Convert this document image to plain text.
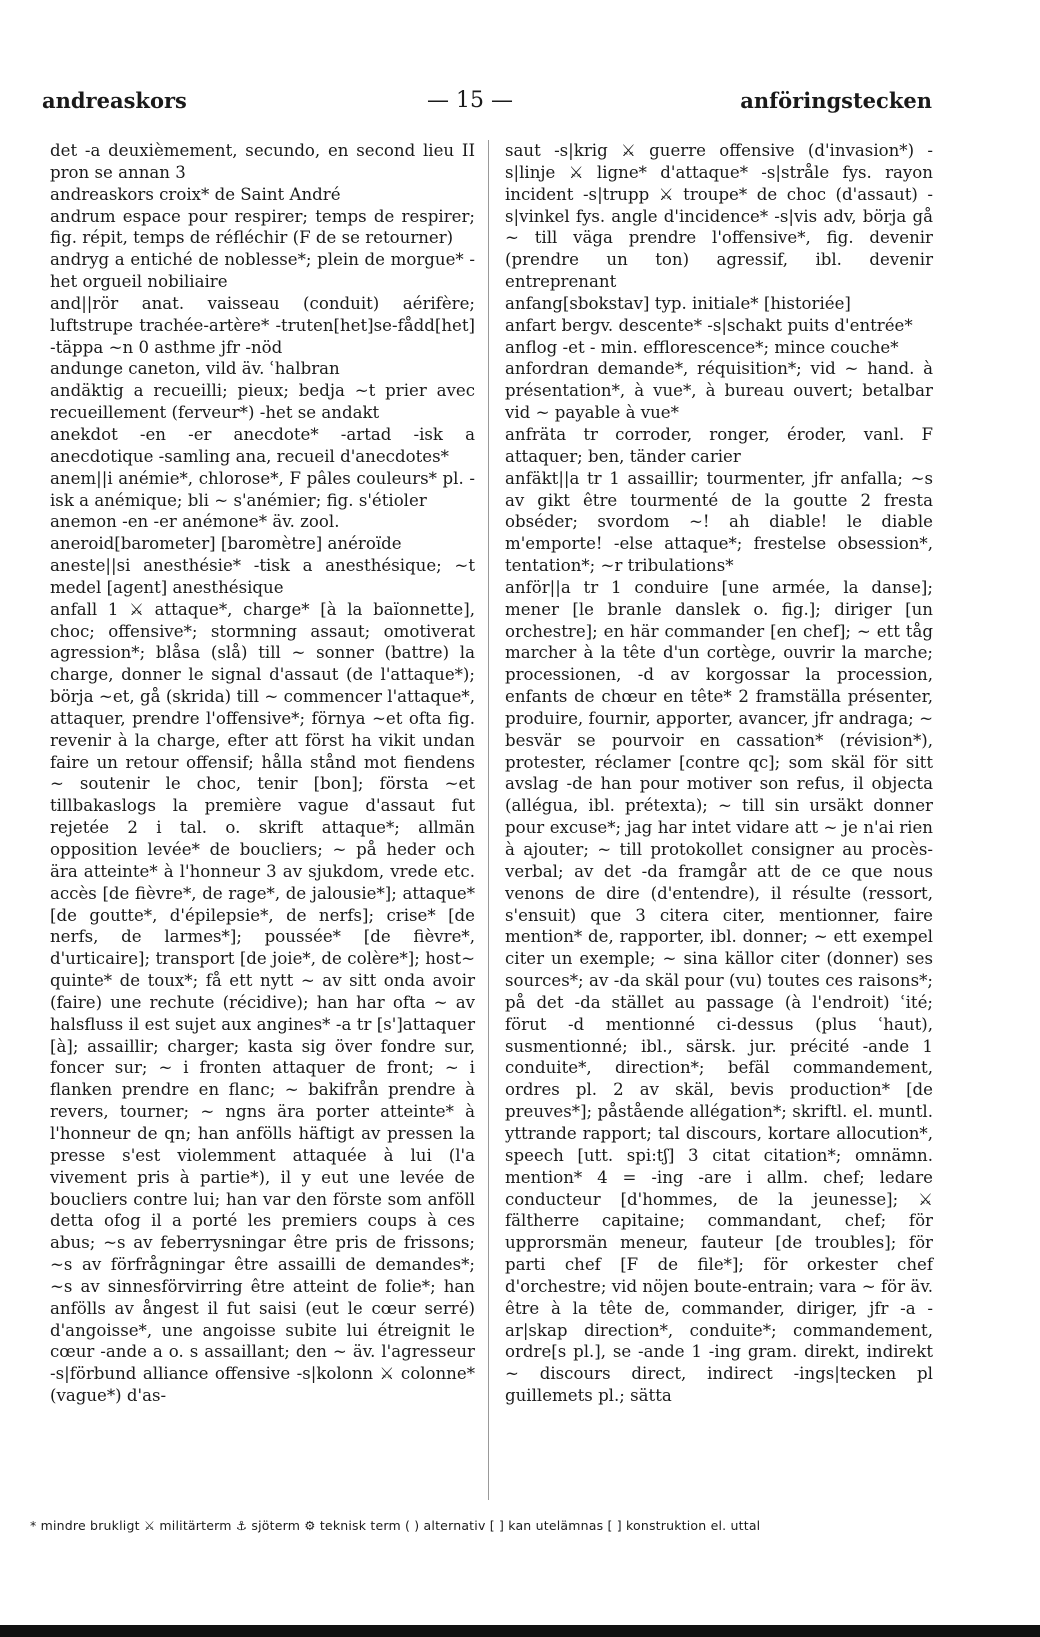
andreaskors	— 15 —	anföringstecken

det -a deuxièmement, secundo, en second lieu II pron se annan 3

andreaskors croix* de Saint André

andrum espace pour respirer; temps de respirer; fig. répit, temps de réfléchir (F de se retourner)

andryg a entiché de noblesse*; plein de morgue* -het orgueil nobiliaire

and||rör anat. vaisseau (conduit) aérifère; luftstrupe trachée-artère* -truten[het]se-fådd[het] -täppa ~n 0 asthme jfr -nöd

andunge caneton, vild äv. ʿhalbran

andäktig a recueilli; pieux; bedja ~t prier avec recueillement (ferveur*) -het se andakt

anekdot -en -er anecdote* -artad -isk a anecdotique -samling ana, recueil d'anecdotes*

anem||i anémie*, chlorose*, F pâles couleurs* pl. -isk a anémique; bli ~ s'anémier; fig. s'étioler

anemon -en -er anémone* äv. zool.

aneroid[barometer] [baromètre] anéroïde

aneste||si anesthésie* -tisk a anesthésique; ~t medel [agent] anesthésique

anfall 1 ⚔ attaque*, charge* [à la baïonnette], choc; offensive*; stormning assaut; omotiverat agression*; blåsa (slå) till ~ sonner (battre) la charge, donner le signal d'assaut (de l'attaque*); börja ~et, gå (skrida) till ~ commencer l'attaque*, attaquer, prendre l'offensive*; förnya ~et ofta fig. revenir à la charge, efter att först ha vikit undan faire un retour offensif; hålla stånd mot fiendens ~ soutenir le choc, tenir [bon]; första ~et tillbakaslogs la première vague d'assaut fut rejetée 2 i tal. o. skrift attaque*; allmän opposition levée* de boucliers; ~ på heder och ära atteinte* à l'honneur 3 av sjukdom, vrede etc. accès [de fièvre*, de rage*, de jalousie*]; attaque* [de goutte*, d'épilepsie*, de nerfs]; crise* [de nerfs, de larmes*]; poussée* [de fièvre*, d'urticaire]; transport [de joie*, de colère*]; host~ quinte* de toux*; få ett nytt ~ av sitt onda avoir (faire) une rechute (récidive); han har ofta ~ av halsfluss il est sujet aux angines* -a tr [s']attaquer [à]; assaillir; charger; kasta sig över fondre sur, foncer sur; ~ i fronten attaquer de front; ~ i flanken prendre en flanc; ~ bakifrån prendre à revers, tourner; ~ ngns ära porter atteinte* à l'honneur de qn; han anfölls häftigt av pressen la presse s'est violemment attaquée à lui (l'a vivement pris à partie*), il y eut une levée de boucliers contre lui; han var den förste som anföll detta ofog il a porté les premiers coups à ces abus; ~s av feberrysningar être pris de frissons; ~s av förfrågningar être assailli de demandes*; ~s av sinnesförvirring être atteint de folie*; han anfölls av ångest il fut saisi (eut le cœur serré) d'angoisse*, une angoisse subite lui étreignit le cœur -ande a o. s assaillant; den ~ äv. l'agresseur -s|förbund alliance offensive -s|kolonn ⚔ colonne* (vague*) d'as-

saut -s|krig ⚔ guerre offensive (d'invasion*) -s|linje ⚔ ligne* d'attaque* -s|stråle fys. rayon incident -s|trupp ⚔ troupe* de choc (d'assaut) -s|vinkel fys. angle d'incidence* -s|vis adv, börja gå ~ till väga prendre l'offensive*, fig. devenir (prendre un ton) agressif, ibl. devenir entreprenant

anfang[sbokstav] typ. initiale* [historiée]

anfart bergv. descente* -s|schakt puits d'entrée*

anflog -et - min. efflorescence*; mince couche*

anfordran demande*, réquisition*; vid ~ hand. à présentation*, à vue*, à bureau ouvert; betalbar vid ~ payable à vue*

anfräta tr corroder, ronger, éroder, vanl. F attaquer; ben, tänder carier

anfäkt||a tr 1 assaillir; tourmenter, jfr anfalla; ~s av gikt être tourmenté de la goutte 2 fresta obséder; svordom ~! ah diable! le diable m'emporte! -else attaque*; frestelse obsession*, tentation*; ~r tribulations*

anför||a tr 1 conduire [une armée, la danse]; mener [le branle danslek o. fig.]; diriger [un orchestre]; en här commander [en chef]; ~ ett tåg marcher à la tête d'un cortège, ouvrir la marche; processionen, -d av korgossar la procession, enfants de chœur en tête* 2 framställa présenter, produire, fournir, apporter, avancer, jfr andraga; ~ besvär se pourvoir en cassation* (révision*), protester, réclamer [contre qc]; som skäl för sitt avslag -de han pour motiver son refus, il objecta (allégua, ibl. prétexta); ~ till sin ursäkt donner pour excuse*; jag har intet vidare att ~ je n'ai rien à ajouter; ~ till protokollet consigner au procès-verbal; av det -da framgår att de ce que nous venons de dire (d'entendre), il résulte (ressort, s'ensuit) que 3 citera citer, mentionner, faire mention* de, rapporter, ibl. donner; ~ ett exempel citer un exemple; ~ sina källor citer (donner) ses sources*; av -da skäl pour (vu) toutes ces raisons*; på det -da stället au passage (à l'endroit) ʿité; förut -d mentionné ci-dessus (plus ʿhaut), susmentionné; ibl., särsk. jur. précité -ande 1 conduite*, direction*; befäl commandement, ordres pl. 2 av skäl, bevis production* [de preuves*]; påstående allégation*; skriftl. el. muntl. yttrande rapport; tal discours, kortare allocution*, speech [utt. spi:tʃ] 3 citat citation*; omnämn. mention* 4 = -ing -are i allm. chef; ledare conducteur [d'hommes, de la jeunesse]; ⚔ fältherre capitaine; commandant, chef; för upprorsmän meneur, fauteur [de troubles]; för parti chef [F de file*]; för orkester chef d'orchestre; vid nöjen boute-entrain; vara ~ för äv. être à la tête de, commander, diriger, jfr -a -ar|skap direction*, conduite*; commandement, ordre[s pl.], se -ande 1 -ing gram. direkt, indirekt ~ discours direct, indirect -ings|tecken pl guillemets pl.; sätta

* mindre brukligt ⚔ militärterm ⚓ sjöterm ⚙ teknisk term ( ) alternativ [ ] kan utelämnas [ ] konstruktion el. uttal
